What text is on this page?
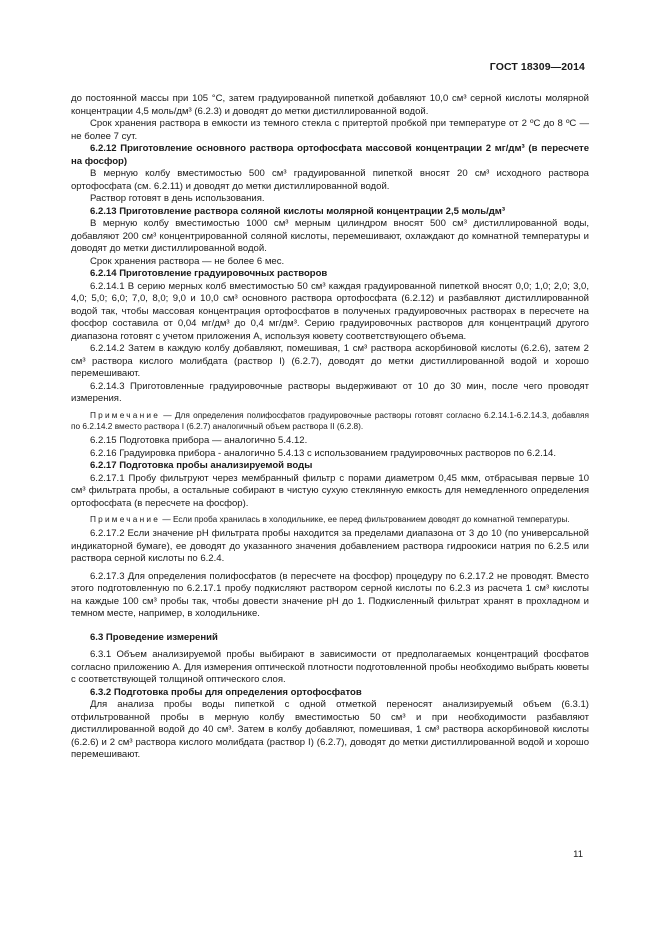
ГОСТ 18309—2014

до постоянной массы при 105 °С, затем градуированной пипеткой добавляют 10,0 см³ серной кислоты молярной концентрации 4,5 моль/дм³ (6.2.3) и доводят до метки дистиллированной водой.

Срок хранения раствора в емкости из темного стекла с притертой пробкой при температуре от 2 ºС до 8 ºС — не более 7 сут.

6.2.12 Приготовление основного раствора ортофосфата массовой концентрации 2 мг/дм³ (в пересчете на фосфор)

В мерную колбу вместимостью 500 см³ градуированной пипеткой вносят 20 см³ исходного раствора ортофосфата (см. 6.2.11) и доводят до метки дистиллированной водой.

Раствор готовят в день использования.

6.2.13 Приготовление раствора соляной кислоты молярной концентрации 2,5 моль/дм³

В мерную колбу вместимостью 1000 см³ мерным цилиндром вносят 500 см³ дистиллированной воды, добавляют 200 см³ концентрированной соляной кислоты, перемешивают, охлаждают до комнатной температуры и доводят до метки дистиллированной водой.

Срок хранения раствора — не более 6 мес.

6.2.14 Приготовление градуировочных растворов

6.2.14.1 В серию мерных колб вместимостью 50 см³ каждая градуированной пипеткой вносят 0,0; 1,0; 2,0; 3,0, 4,0; 5,0; 6,0; 7,0, 8,0; 9,0 и 10,0 см³ основного раствора ортофосфата (6.2.12) и разбавляют дистиллированной водой так, чтобы массовая концентрация ортофосфатов в полученых градуировочных растворах в пересчете на фосфор составила от 0,04 мг/дм³ до 0,4 мг/дм³. Серию градуировочных растворов для концентраций другого диапазона готовят с учетом приложения А, используя кювету соответствующего объема.

6.2.14.2 Затем в каждую колбу добавляют, помешивая, 1 см³ раствора аскорбиновой кислоты (6.2.6), затем 2 см³ раствора кислого молибдата (раствор I) (6.2.7), доводят до метки дистиллированной водой и хорошо перемешивают.

6.2.14.3 Приготовленные градуировочные растворы выдерживают от 10 до 30 мин, после чего проводят измерения.

Примечание — Для определения полифосфатов градуировочные растворы готовят согласно 6.2.14.1-6.2.14.3, добавляя по 6.2.14.2 вместо раствора I (6.2.7) аналогичный объем раствора II (6.2.8).

6.2.15 Подготовка прибора — аналогично 5.4.12.

6.2.16 Градуировка прибора - аналогично 5.4.13 с использованием градуировочных растворов по 6.2.14.

6.2.17 Подготовка пробы анализируемой воды

6.2.17.1 Пробу фильтруют через мембранный фильтр с порами диаметром 0,45 мкм, отбрасывая первые 10 см³ фильтрата пробы, а остальные собирают в чистую сухую стеклянную емкость для немедленного определения ортофосфата (в пересчете на фосфор).

Примечание — Если проба хранилась в холодильнике, ее перед фильтрованием доводят до комнатной температуры.

6.2.17.2 Если значение pH фильтрата пробы находится за пределами диапазона от 3 до 10 (по универсальной индикаторной бумаге), ее доводят до указанного значения добавлением раствора гидроокиси натрия по 6.2.5 или раствора серной кислоты по 6.2.4.

6.2.17.3 Для определения полифосфатов (в пересчете на фосфор) процедуру по 6.2.17.2 не проводят. Вместо этого подготовленную по 6.2.17.1 пробу подкисляют раствором серной кислоты по 6.2.3 из расчета 1 см³ кислоты на каждые 100 см³ пробы так, чтобы довести значение pH до 1. Подкисленный фильтрат хранят в прохладном и темном месте, например, в холодильнике.

6.3 Проведение измерений

6.3.1 Объем анализируемой пробы выбирают в зависимости от предполагаемых концентраций фосфатов согласно приложению А. Для измерения оптической плотности подготовленной пробы необходимо выбрать кюветы с соответствующей толщиной оптического слоя.

6.3.2 Подготовка пробы для определения ортофосфатов

Для анализа пробы воды пипеткой с одной отметкой переносят анализируемый объем (6.3.1) отфильтрованной пробы в мерную колбу вместимостью 50 см³ и при необходимости разбавляют дистиллированной водой до 40 см³. Затем в колбу добавляют, помешивая, 1 см³ раствора аскорбиновой кислоты (6.2.6) и 2 см³ раствора кислого молибдата (раствор I) (6.2.7), доводят до метки дистиллированной водой и хорошо перемешивают.

11
